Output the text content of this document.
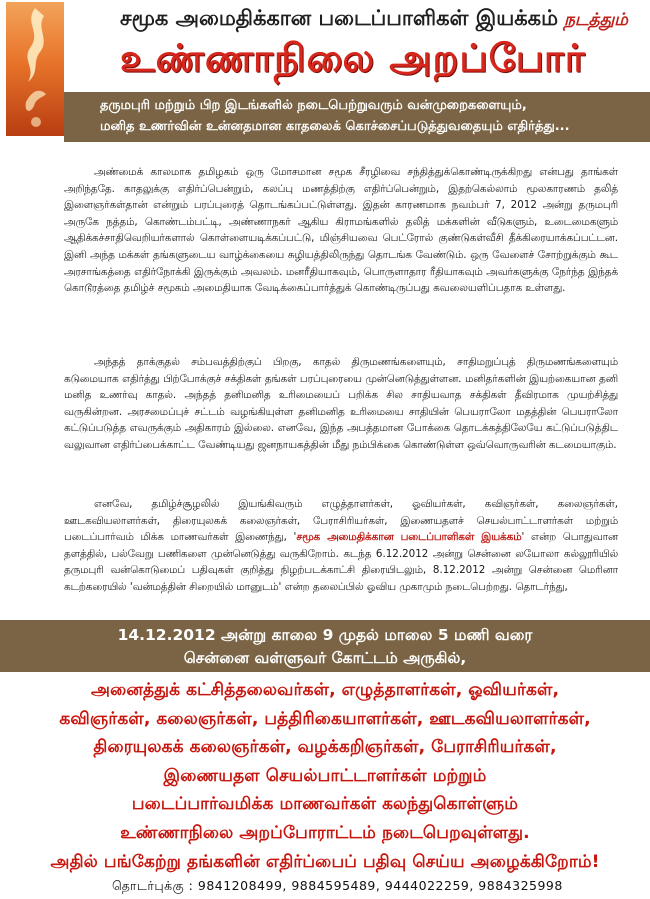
சமூக அமைதிக்கான படைப்பாளிகள் இயக்கம் நடத்தும்
உண்ணாநிலை அறப்போர்
தருமபுரி மற்றும் பிற இடங்களில் நடைபெற்றுவரும் வன்முறைகளையும்,
மனித உணர்வின் உன்னதமான காதலைக் கொச்சைப்படுத்துவதையும் எதிர்த்து...
அண்மைக் காலமாக தமிழகம் ஒரு மோசமான சமூக சீரழிவை சந்தித்துக்கொண்டிருக்கிறது என்பது தாங்கள் அறிந்ததே. காதலுக்கு எதிர்ப்பென்றும், கலப்பு மணத்திற்கு எதிர்ப்பென்றும், இதற்கெல்லாம் மூலகாரணம் தலித் இளைஞர்கள்தான் என்றும் பரப்புரைத் தொடங்கப்பட்டுள்ளது. இதன் காரணமாக நவம்பர் 7, 2012 அன்று தருமபுரி அருகே நத்தம், கொண்டம்பட்டி, அண்ணாநகர் ஆகிய கிராமங்களில் தலித் மக்களின் வீடுகளும், உடைமைகளும் ஆதிக்கச்சாதிவெறியர்களால் கொள்ளையடிக்கப்பட்டு, மிஞ்சியவை பெட்ரோல் குண்டுகள்வீசி தீக்கிரையாக்கப்பட்டன. இனி அந்த மக்கள் தங்களுடைய வாழ்க்கையை சுழியத்திலிருந்து தொடங்க வேண்டும். ஒரு வேளைச் சோற்றுக்கும் கூட அரசாங்கத்தை எதிர்நோக்கி இருக்கும் அவலம். மனரீதியாகவும், பொருளாதார ரீதியாகவும் அவர்களுக்கு நேர்ந்த இந்தக் கொடூரத்தை தமிழ்ச் சமூகம் அமைதியாக வேடிக்கைப்பார்த்துக் கொண்டிருப்பது கவலையளிப்பதாக உள்ளது.
அந்தத் தாக்குதல் சம்பவத்திற்குப் பிறகு, காதல் திருமணங்களையும், சாதிமறுப்புத் திருமணங்களையும் கடுமையாக எதிர்த்து பிற்போக்குச் சக்திகள் தங்கள் பரப்புரையை முன்னெடுத்துள்ளன. மனிதர்களின் இயற்கையான தனி மனித உணர்வு காதல். அந்தத் தனிமனித உரிமையைப் பறிக்க சில சாதியவாத சக்திகள் தீவிரமாக முயற்சித்து வருகின்றன. அரசமைப்புச் சட்டம் வழங்கியுள்ள தனிமனித உரிமையை சாதியின் பெயராலோ மதத்தின் பெயராலோ கட்டுப்படுத்த எவருக்கும் அதிகாரம் இல்லை. எனவே, இந்த அபத்தமான போக்கை தொடக்கத்திலேயே கட்டுப்படுத்திட வலுவான எதிர்ப்பைக்காட்ட வேண்டியது ஜனநாயகத்தின் மீது நம்பிக்கை கொண்டுள்ள ஒவ்வொருவரின் கடமையாகும்.
எனவே, தமிழ்ச்சூழலில் இயங்கிவரும் எழுத்தாளர்கள், ஓவியர்கள், கவிஞர்கள், கலைஞர்கள், ஊடகவியலாளர்கள், திரையுலகக் கலைஞர்கள், பேராசிரியர்கள், இணையதளச் செயல்பாட்டாளர்கள் மற்றும் படைப்பார்வம் மிக்க மாணவர்கள் இணைந்து, 'சமூக அமைதிக்கான படைப்பாளிகள் இயக்கம்' என்ற பொதுவான தளத்தில், பல்வேறு பணிகளை முன்னெடுத்து வருகிறோம். கடந்த 6.12.2012 அன்று சென்னை லயோலா கல்லூரியில் தருமபுரி வன்கொடுமைப் பதிவுகள் குறித்து நிழற்படக்காட்சி திரையிடலும், 8.12.2012 அன்று சென்னை மெரினா கடற்கரையில் 'வன்மத்தின் சிறையில் மானுடம்' என்ற தலைப்பில் ஓவிய முகாமும் நடைபெற்றது. தொடர்ந்து,
14.12.2012 அன்று காலை 9 முதல் மாலை 5 மணி வரை
சென்னை வள்ளுவர் கோட்டம் அருகில்,
அனைத்துக் கட்சித்தலைவர்கள், எழுத்தாளர்கள், ஓவியர்கள்,
கவிஞர்கள், கலைஞர்கள், பத்திரிகையாளர்கள், ஊடகவியலாளர்கள்,
திரையுலகக் கலைஞர்கள், வழக்கறிஞர்கள், பேராசிரியர்கள்,
இணையதள செயல்பாட்டாளர்கள் மற்றும்
படைப்பார்வமிக்க மாணவர்கள் கலந்துகொள்ளும்
உண்ணாநிலை அறப்போராட்டம் நடைபெறவுள்ளது.
அதில் பங்கேற்று தங்களின் எதிர்ப்பைப் பதிவு செய்ய அழைக்கிறோம்!
தொடர்புக்கு : 9841208499, 9884595489, 9444022259, 9884325998
